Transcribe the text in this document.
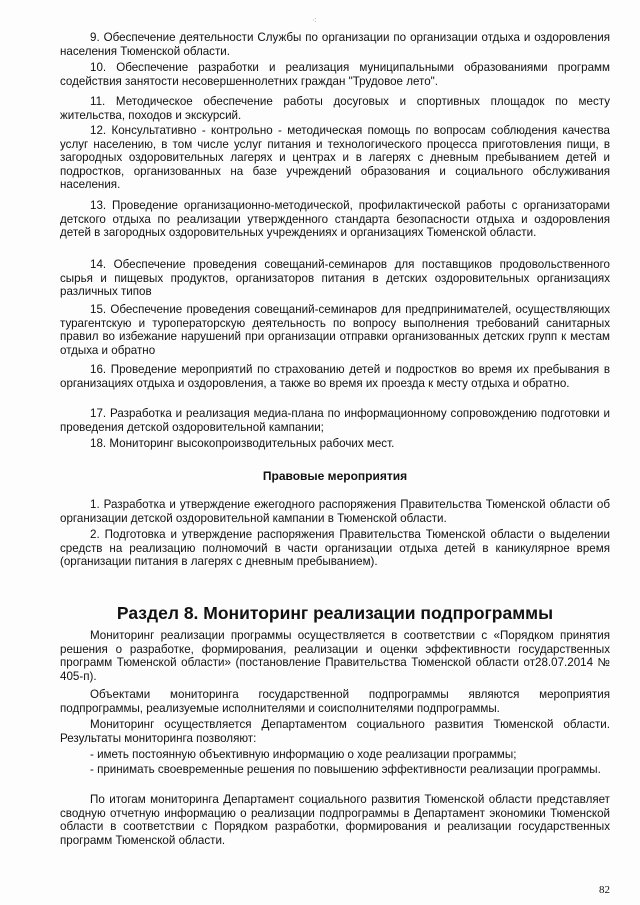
⁖
9. Обеспечение деятельности Службы по организации по организации отдыха и оздоровления населения Тюменской области.
10. Обеспечение разработки и реализация муниципальными образованиями программ содействия занятости несовершеннолетних граждан "Трудовое лето".
11. Методическое обеспечение работы досуговых и спортивных площадок по месту жительства, походов и экскурсий.
12. Консультативно - контрольно - методическая помощь по вопросам соблюдения качества услуг населению, в том числе услуг питания и технологического процесса приготовления пищи, в загородных оздоровительных лагерях и центрах и в лагерях с дневным пребыванием детей и подростков, организованных на базе учреждений образования и социального обслуживания населения.
13. Проведение организационно-методической, профилактической работы с организаторами детского отдыха по реализации утвержденного стандарта безопасности отдыха и оздоровления детей в загородных оздоровительных учреждениях и организациях Тюменской области.
14. Обеспечение проведения совещаний-семинаров для поставщиков продовольственного сырья и пищевых продуктов, организаторов питания в детских оздоровительных организациях различных типов
15. Обеспечение проведения совещаний-семинаров для предпринимателей, осуществляющих турагентскую и туроператорскую деятельность по вопросу выполнения требований санитарных правил во избежание нарушений при организации отправки организованных детских групп к местам отдыха и обратно
16. Проведение мероприятий по страхованию детей и подростков во время их пребывания в организациях отдыха и оздоровления, а также во время их проезда к месту отдыха и обратно.
17. Разработка и реализация медиа-плана по информационному сопровождению подготовки и проведения детской оздоровительной кампании;
18. Мониторинг высокопроизводительных рабочих мест.
Правовые мероприятия
1. Разработка и утверждение ежегодного распоряжения Правительства Тюменской области об организации детской оздоровительной кампании в Тюменской области.
2. Подготовка и утверждение распоряжения Правительства Тюменской области о выделении средств на реализацию полномочий в части организации отдыха детей в каникулярное время (организации питания в лагерях с дневным пребыванием).
Раздел 8. Мониторинг реализации подпрограммы
Мониторинг реализации программы осуществляется в соответствии с «Порядком принятия решения о разработке, формирования, реализации и оценки эффективности государственных программ Тюменской области» (постановление Правительства Тюменской области от28.07.2014 № 405-п).
Объектами мониторинга государственной подпрограммы являются мероприятия подпрограммы, реализуемые исполнителями и соисполнителями подпрограммы.
Мониторинг осуществляется Департаментом социального развития Тюменской области. Результаты мониторинга позволяют:
- иметь постоянную объективную информацию о ходе реализации программы;
- принимать своевременные решения по повышению эффективности реализации программы.
По итогам мониторинга Департамент социального развития Тюменской области представляет сводную отчетную информацию о реализации подпрограммы в Департамент экономики Тюменской области в соответствии с Порядком разработки, формирования и реализации государственных программ Тюменской области.
82
